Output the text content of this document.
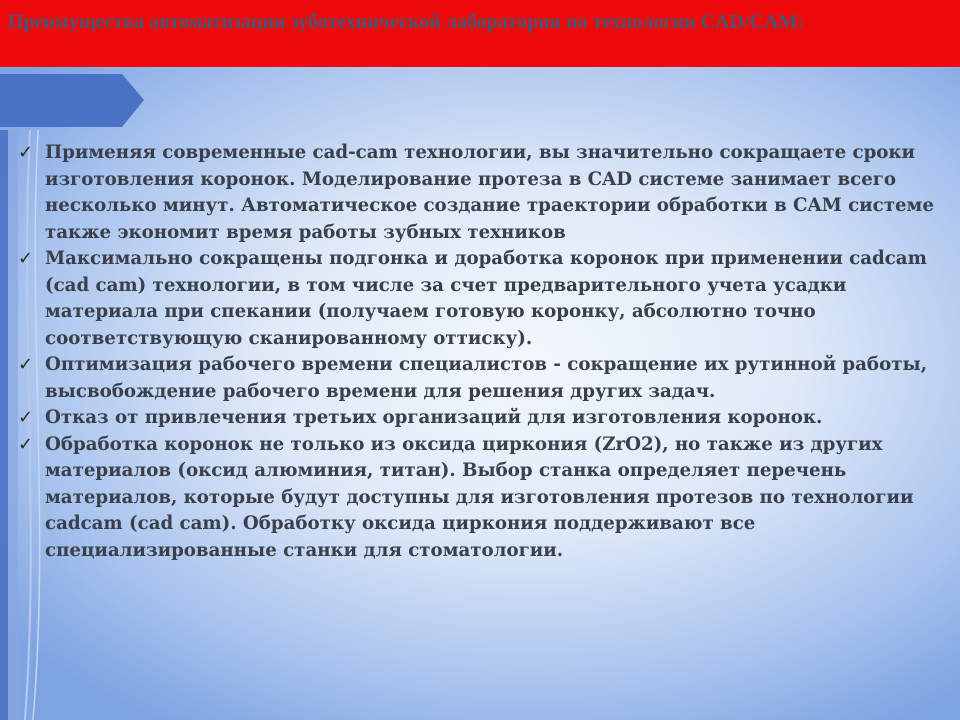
Преимущества автоматизации зуботехнической лаборатории по технологии CAD/CAM:
✓ Применяя современные cad-cam технологии, вы значительно сокращаете сроки изготовления коронок. Моделирование протеза в CAD системе занимает всего несколько минут. Автоматическое создание траектории обработки в CAM системе также экономит время работы зубных техников
✓ Максимально сокращены подгонка и доработка коронок при применении cadcam (cad cam) технологии, в том числе за счет предварительного учета усадки материала при спекании (получаем готовую коронку, абсолютно точно соответствующую сканированному оттиску).
✓ Оптимизация рабочего времени специалистов - сокращение их рутинной работы, высвобождение рабочего времени для решения других задач.
✓ Отказ от привлечения третьих организаций для изготовления коронок.
✓ Обработка коронок не только из оксида циркония (ZrO2), но также из других материалов (оксид алюминия, титан). Выбор станка определяет перечень материалов, которые будут доступны для изготовления протезов по технологии cadcam (cad cam). Обработку оксида циркония поддерживают все специализированные станки для стоматологии.
